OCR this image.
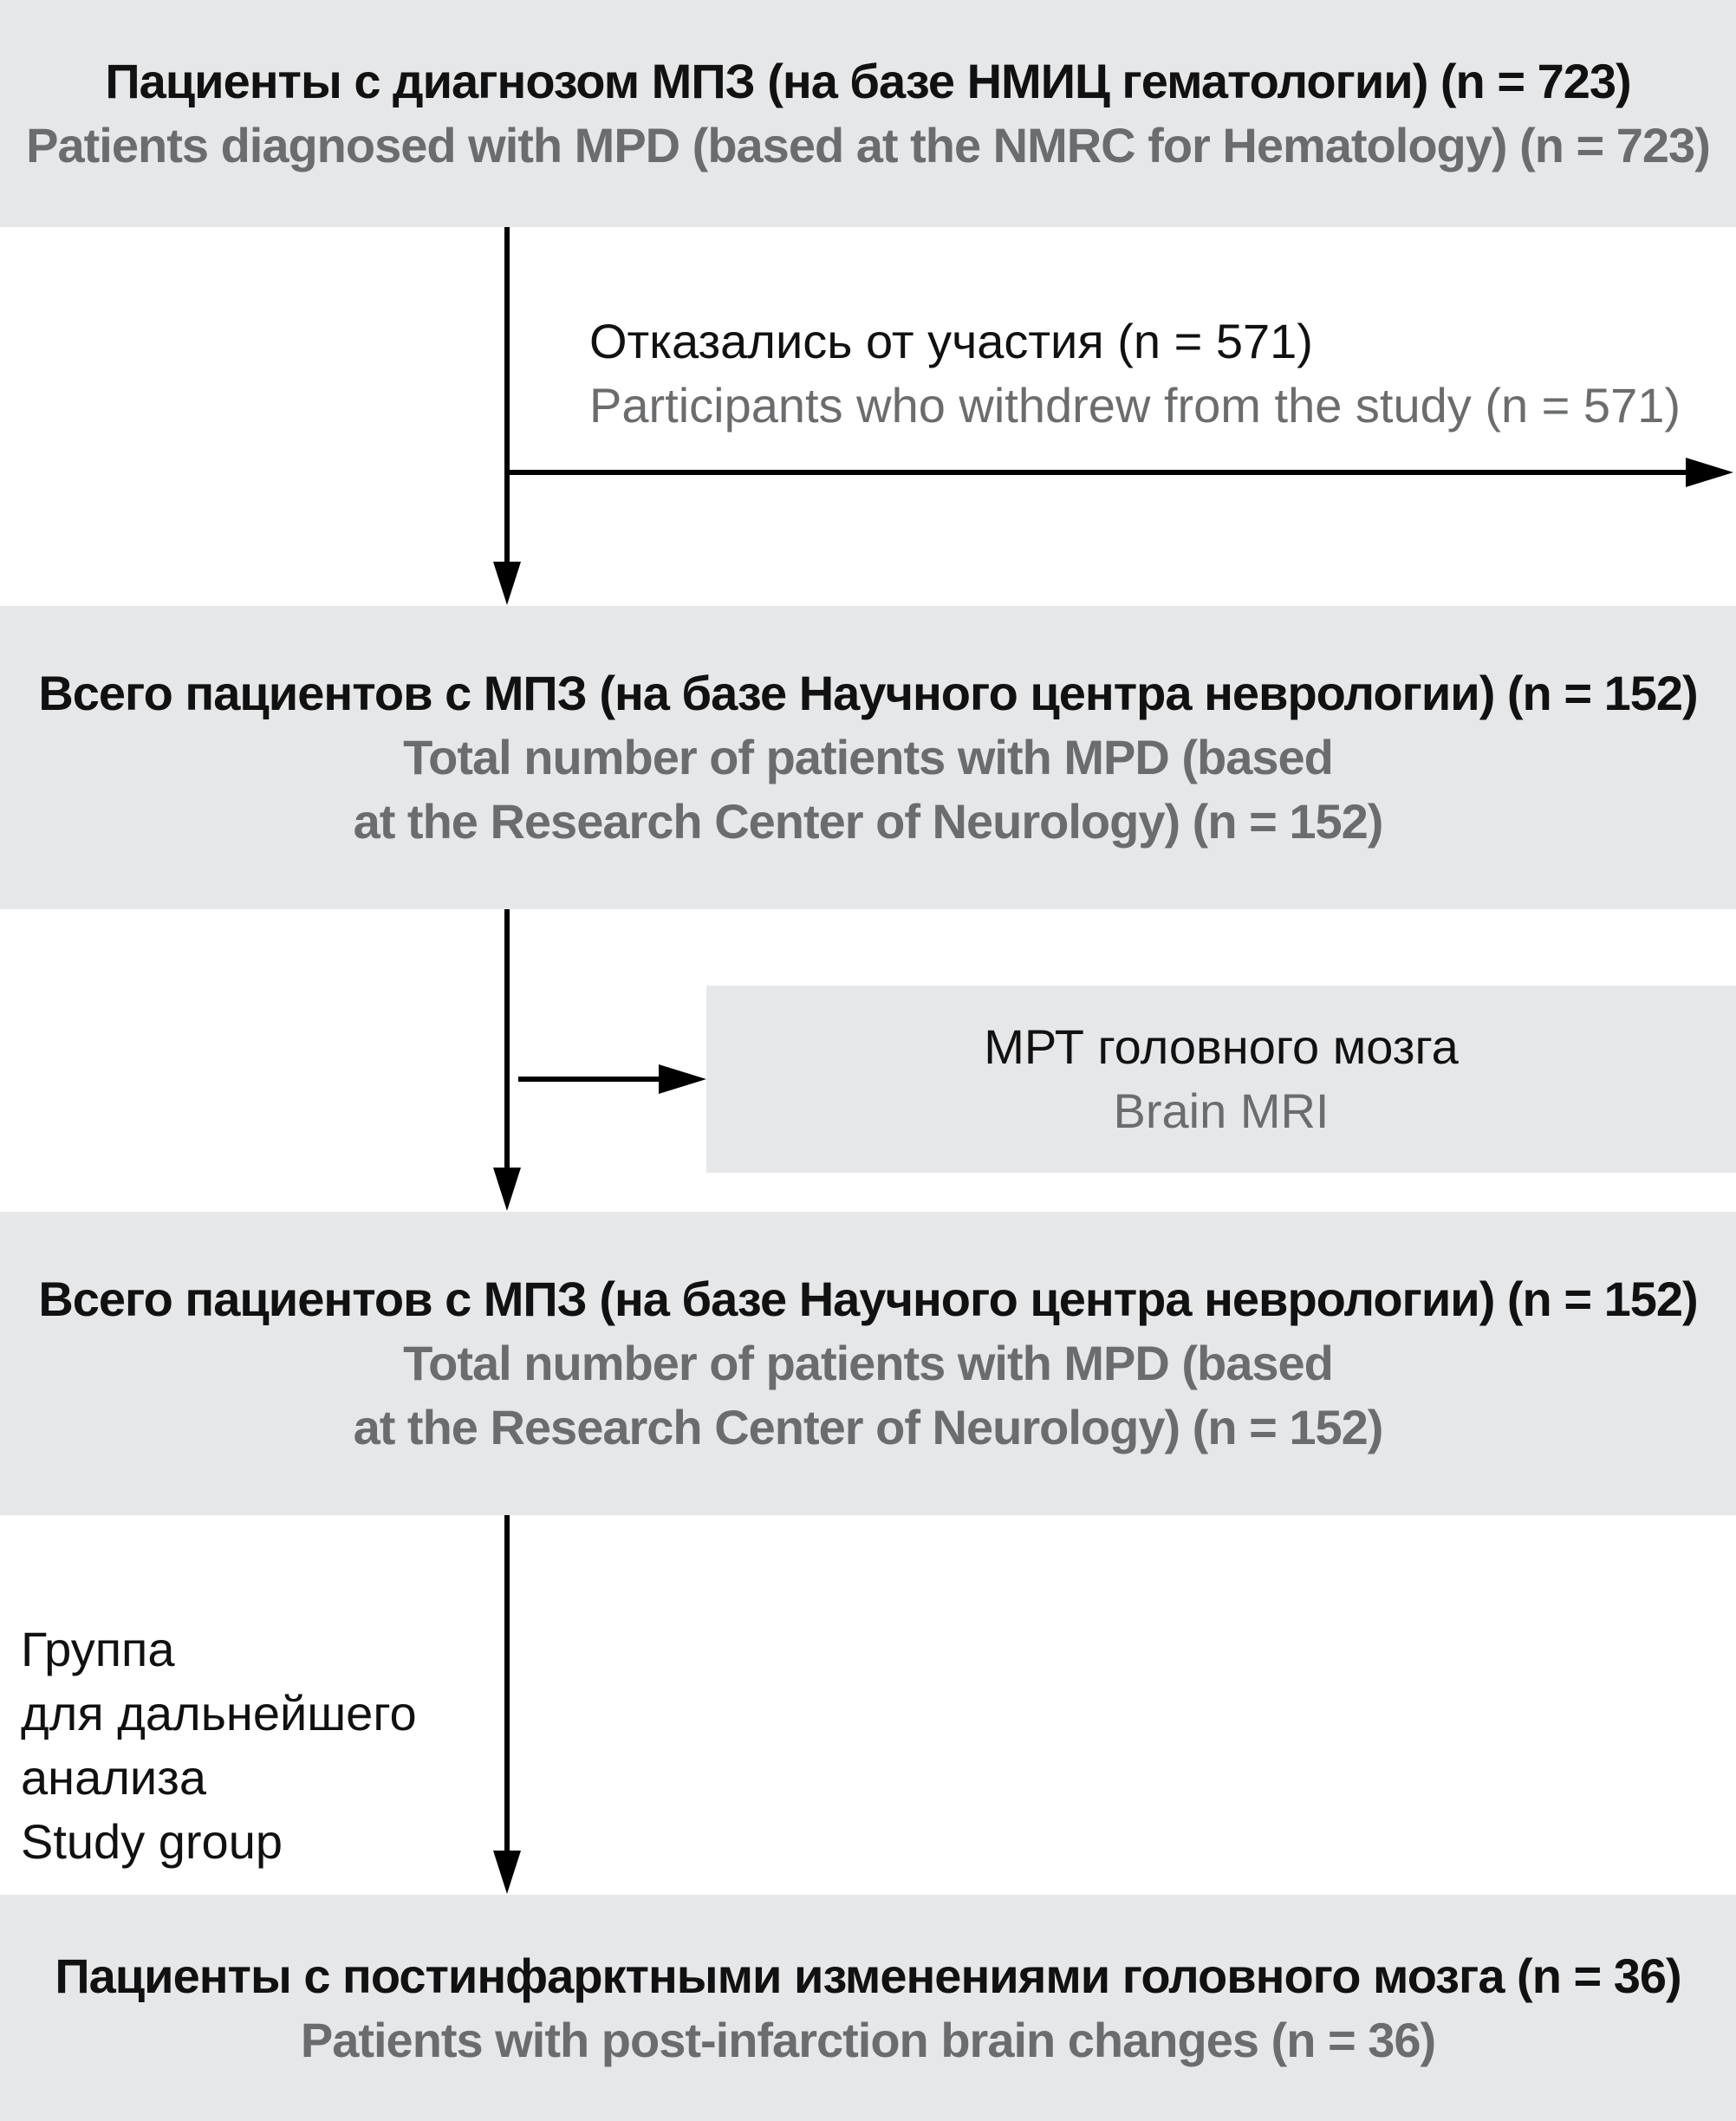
Пациенты с диагнозом МПЗ (на базе НМИЦ гематологии) (n = 723)
Patients diagnosed with MPD (based at the NMRC for Hematology) (n = 723)
Отказались от участия (n = 571)
Participants who withdrew from the study (n = 571)
Всего пациентов с МПЗ (на базе Научного центра неврологии) (n = 152)
Total number of patients with MPD (based
at the Research Center of Neurology) (n = 152)
МРТ головного мозга
Brain MRI
Всего пациентов с МПЗ (на базе Научного центра неврологии) (n = 152)
Total number of patients with MPD (based
at the Research Center of Neurology) (n = 152)
Группа
для дальнейшего
анализа
Study group
Пациенты с постинфарктными изменениями головного мозга (n = 36)
Patients with post-infarction brain changes (n = 36)
